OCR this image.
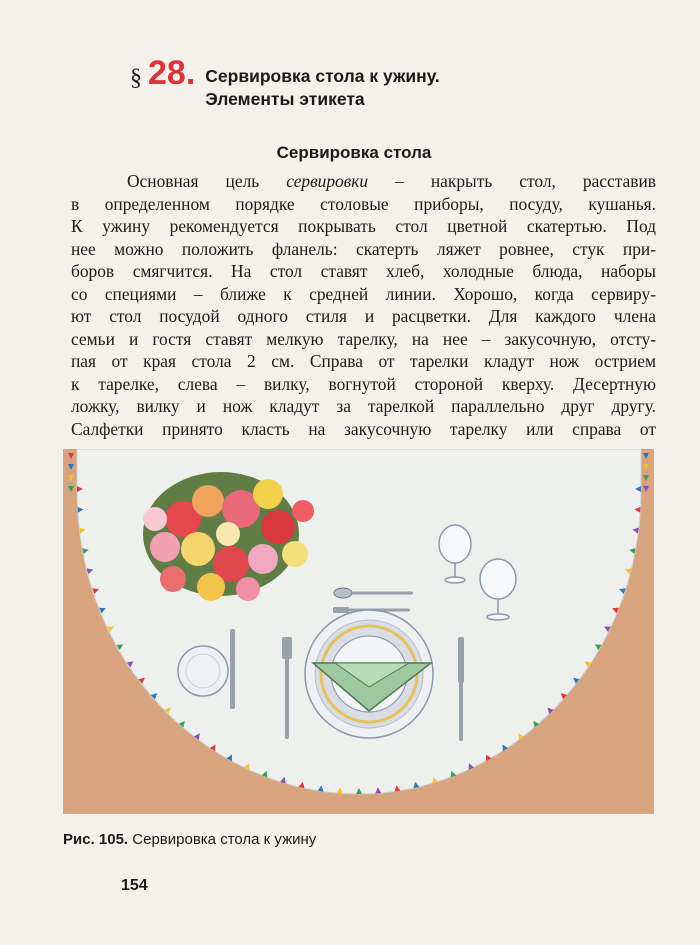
§ 28 . Сервировка стола к ужину.
Элементы этикета
Сервировка стола
Основная цель сервировки – накрыть стол, расставив
в определенном порядке столовые приборы, посуду, кушанья.
К ужину рекомендуется покрывать стол цветной скатертью. Под
нее можно положить фланель: скатерть ляжет ровнее, стук при-
боров смягчится. На стол ставят хлеб, холодные блюда, наборы
со специями – ближе к средней линии. Хорошо, когда сервиру-
ют стол посудой одного стиля и расцветки. Для каждого члена
семьи и гостя ставят мелкую тарелку, на нее – закусочную, отсту-
пая от края стола 2 см. Справа от тарелки кладут нож острием
к тарелке, слева – вилку, вогнутой стороной кверху. Десертную
ложку, вилку и нож кладут за тарелкой параллельно друг другу.
Салфетки принято класть на закусочную тарелку или справа от
Рис. 105. Сервировка стола к ужину
154
